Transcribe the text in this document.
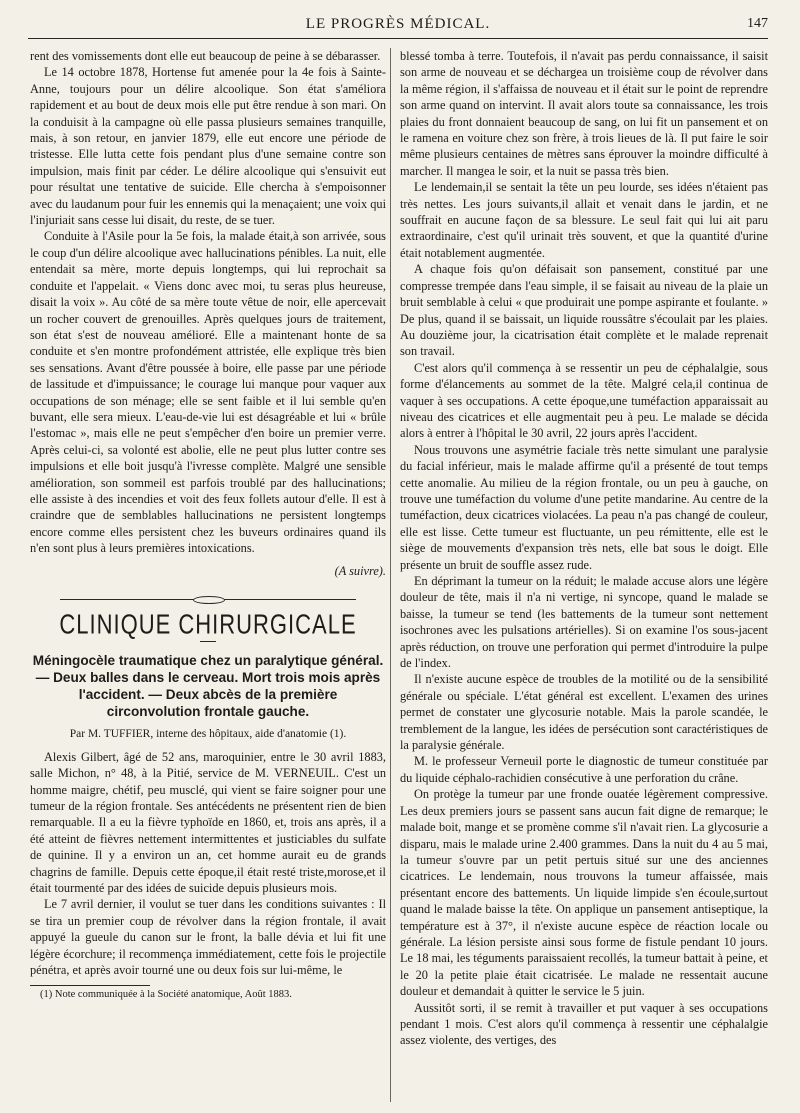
LE PROGRÈS MÉDICAL.	147

rent des vomissements dont elle eut beaucoup de peine à se débarasser.

Le 14 octobre 1878, Hortense fut amenée pour la 4e fois à Sainte-Anne, toujours pour un délire alcoolique. Son état s'améliora rapidement et au bout de deux mois elle put être rendue à son mari. On la conduisit à la campagne où elle passa plusieurs semaines tranquille, mais, à son retour, en janvier 1879, elle eut encore une période de tristesse. Elle lutta cette fois pendant plus d'une semaine contre son impulsion, mais finit par céder. Le délire alcoolique qui s'ensuivit eut pour résultat une tentative de suicide. Elle chercha à s'empoisonner avec du laudanum pour fuir les ennemis qui la menaçaient; une voix qui l'injuriait sans cesse lui disait, du reste, de se tuer.

Conduite à l'Asile pour la 5e fois, la malade était,à son arrivée, sous le coup d'un délire alcoolique avec hallucinations pénibles. La nuit, elle entendait sa mère, morte depuis longtemps, qui lui reprochait sa conduite et l'appelait. « Viens donc avec moi, tu seras plus heureuse, disait la voix ». Au côté de sa mère toute vêtue de noir, elle apercevait un rocher couvert de grenouilles. Après quelques jours de traitement, son état s'est de nouveau amélioré. Elle a maintenant honte de sa conduite et s'en montre profondément attristée, elle explique très bien ses sensations. Avant d'être poussée à boire, elle passe par une période de lassitude et d'impuissance; le courage lui manque pour vaquer aux occupations de son ménage; elle se sent faible et il lui semble qu'en buvant, elle sera mieux. L'eau-de-vie lui est désagréable et lui « brûle l'estomac », mais elle ne peut s'empêcher d'en boire un premier verre. Après celui-ci, sa volonté est abolie, elle ne peut plus lutter contre ses impulsions et elle boit jusqu'à l'ivresse complète. Malgré une sensible amélioration, son sommeil est parfois troublé par des hallucinations; elle assiste à des incendies et voit des feux follets autour d'elle. Il est à craindre que de semblables hallucinations ne persistent longtemps encore comme elles persistent chez les buveurs ordinaires quand ils n'en sont plus à leurs premières intoxications.

(A suivre).
CLINIQUE CHIRURGICALE
Méningocèle traumatique chez un paralytique général. — Deux balles dans le cerveau. Mort trois mois après l'accident. — Deux abcès de la première circonvolution frontale gauche.
Par M. TUFFIER, interne des hôpitaux, aide d'anatomie (1).

Alexis Gilbert, âgé de 52 ans, maroquinier, entre le 30 avril 1883, salle Michon, n° 48, à la Pitié, service de M. VERNEUIL. C'est un homme maigre, chétif, peu musclé, qui vient se faire soigner pour une tumeur de la région frontale. Ses antécédents ne présentent rien de bien remarquable. Il a eu la fièvre typhoïde en 1860, et, trois ans après, il a été atteint de fièvres nettement intermittentes et justiciables du sulfate de quinine. Il y a environ un an, cet homme aurait eu de grands chagrins de famille. Depuis cette époque,il était resté triste,morose,et il était tourmenté par des idées de suicide depuis plusieurs mois.

Le 7 avril dernier, il voulut se tuer dans les conditions suivantes : Il se tira un premier coup de révolver dans la région frontale, il avait appuyé la gueule du canon sur le front, la balle dévia et lui fit une légère écorchure; il recommença immédiatement, cette fois le projectile pénétra, et après avoir tourné une ou deux fois sur lui-même, le

(1) Note communiquée à la Société anatomique, Août 1883.

blessé tomba à terre. Toutefois, il n'avait pas perdu connaissance, il saisit son arme de nouveau et se déchargea un troisième coup de révolver dans la même région, il s'affaissa de nouveau et il était sur le point de reprendre son arme quand on intervint. Il avait alors toute sa connaissance, les trois plaies du front donnaient beaucoup de sang, on lui fit un pansement et on le ramena en voiture chez son frère, à trois lieues de là. Il put faire le soir même plusieurs centaines de mètres sans éprouver la moindre difficulté à marcher. Il mangea le soir, et la nuit se passa très bien.

Le lendemain,il se sentait la tête un peu lourde, ses idées n'étaient pas très nettes. Les jours suivants,il allait et venait dans le jardin, et ne souffrait en aucune façon de sa blessure. Le seul fait qui lui ait paru extraordinaire, c'est qu'il urinait très souvent, et que la quantité d'urine était notablement augmentée.

A chaque fois qu'on défaisait son pansement, constitué par une compresse trempée dans l'eau simple, il se faisait au niveau de la plaie un bruit semblable à celui « que produirait une pompe aspirante et foulante. » De plus, quand il se baissait, un liquide roussâtre s'écoulait par les plaies. Au douzième jour, la cicatrisation était complète et le malade reprenait son travail.

C'est alors qu'il commença à se ressentir un peu de céphalalgie, sous forme d'élancements au sommet de la tête. Malgré cela,il continua de vaquer à ses occupations. A cette époque,une tuméfaction apparaissait au niveau des cicatrices et elle augmentait peu à peu. Le malade se décida alors à entrer à l'hôpital le 30 avril, 22 jours après l'accident.

Nous trouvons une asymétrie faciale très nette simulant une paralysie du facial inférieur, mais le malade affirme qu'il a présenté de tout temps cette anomalie. Au milieu de la région frontale, ou un peu à gauche, on trouve une tuméfaction du volume d'une petite mandarine. Au centre de la tuméfaction, deux cicatrices violacées. La peau n'a pas changé de couleur, elle est lisse. Cette tumeur est fluctuante, un peu rémittente, elle est le siège de mouvements d'expansion très nets, elle bat sous le doigt. Elle présente un bruit de souffle assez rude.

En déprimant la tumeur on la réduit; le malade accuse alors une légère douleur de tête, mais il n'a ni vertige, ni syncope, quand le malade se baisse, la tumeur se tend (les battements de la tumeur sont nettement isochrones avec les pulsations artérielles). Si on examine l'os sous-jacent après réduction, on trouve une perforation qui permet d'introduire la pulpe de l'index.

Il n'existe aucune espèce de troubles de la motilité ou de la sensibilité générale ou spéciale. L'état général est excellent. L'examen des urines permet de constater une glycosurie notable. Mais la parole scandée, le tremblement de la langue, les idées de persécution sont caractéristiques de la paralysie générale.

M. le professeur Verneuil porte le diagnostic de tumeur constituée par du liquide céphalo-rachidien consécutive à une perforation du crâne.

On protège la tumeur par une fronde ouatée légèrement compressive. Les deux premiers jours se passent sans aucun fait digne de remarque; le malade boit, mange et se promène comme s'il n'avait rien. La glycosurie a disparu, mais le malade urine 2.400 grammes. Dans la nuit du 4 au 5 mai, la tumeur s'ouvre par un petit pertuis situé sur une des anciennes cicatrices. Le lendemain, nous trouvons la tumeur affaissée, mais présentant encore des battements. Un liquide limpide s'en écoule,surtout quand le malade baisse la tête. On applique un pansement antiseptique, la température est à 37°, il n'existe aucune espèce de réaction locale ou générale. La lésion persiste ainsi sous forme de fistule pendant 10 jours. Le 18 mai, les téguments paraissaient recollés, la tumeur battait à peine, et le 20 la petite plaie était cicatrisée. Le malade ne ressentait aucune douleur et demandait à quitter le service le 5 juin.

Aussitôt sorti, il se remit à travailler et put vaquer à ses occupations pendant 1 mois. C'est alors qu'il commença à ressentir une céphalalgie assez violente, des vertiges, des
